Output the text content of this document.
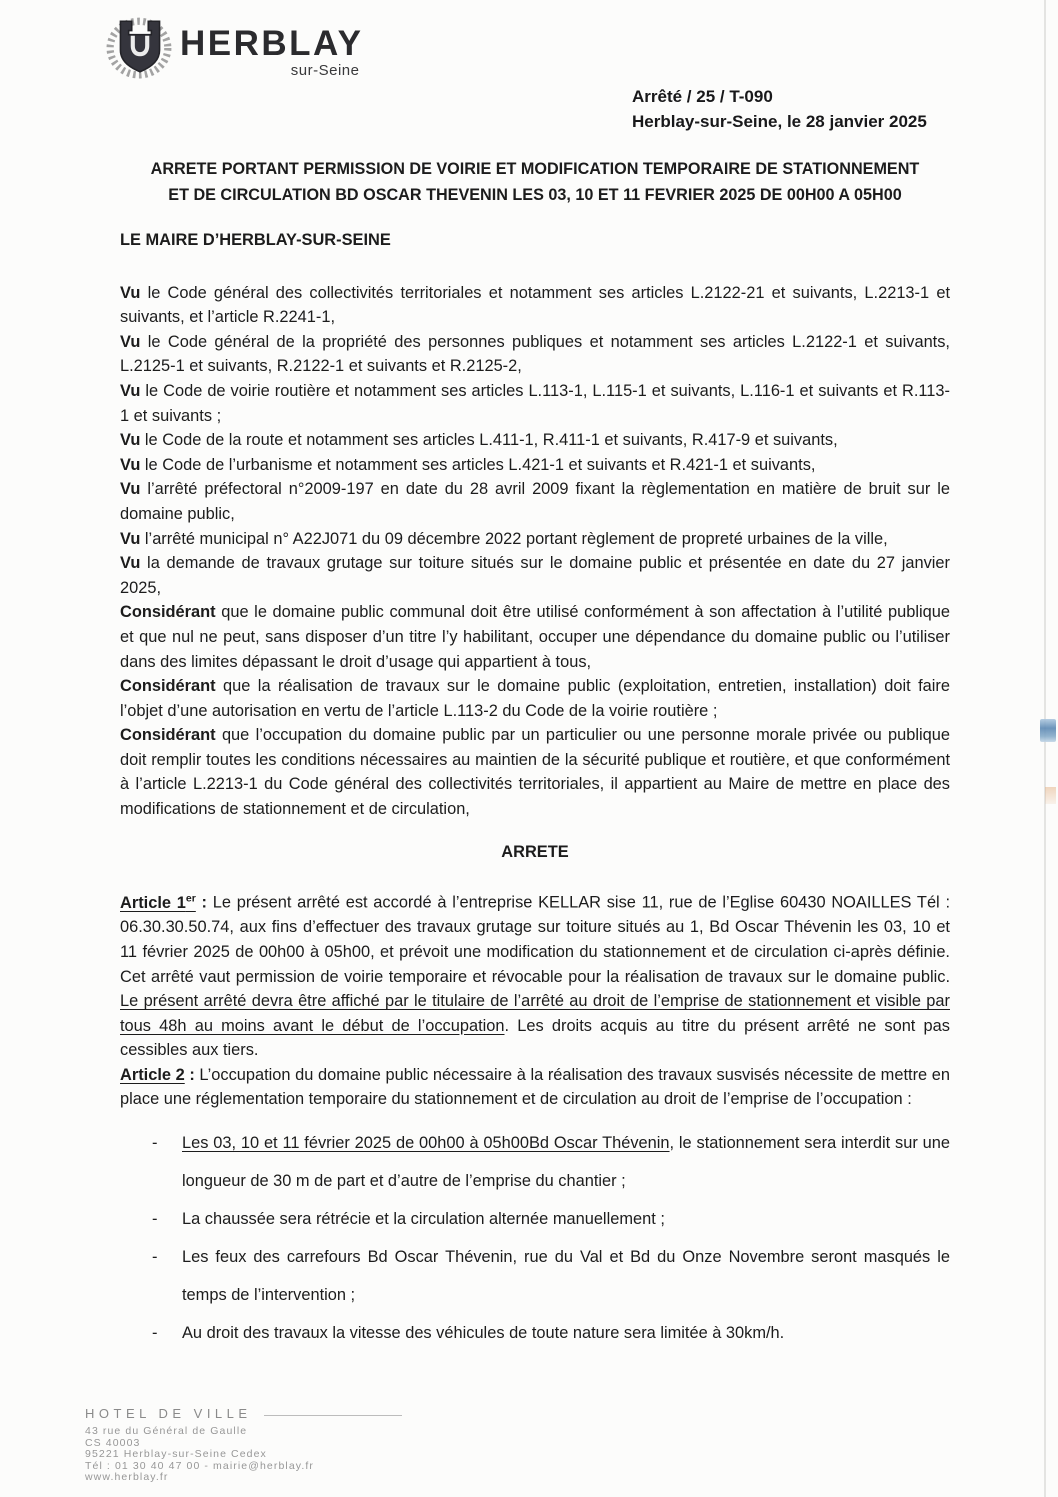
HERBLAY
sur-Seine
Arrêté / 25 / T-090
Herblay-sur-Seine, le 28 janvier 2025
ARRETE PORTANT PERMISSION DE VOIRIE ET MODIFICATION TEMPORAIRE DE STATIONNEMENT
ET DE CIRCULATION BD OSCAR THEVENIN LES 03, 10 ET 11 FEVRIER 2025 DE 00H00 A 05H00
LE MAIRE D’HERBLAY-SUR-SEINE

Vu le Code général des collectivités territoriales et notamment ses articles L.2122-21 et suivants, L.2213-1 et suivants, et l’article R.2241-1,

Vu le Code général de la propriété des personnes publiques et notamment ses articles L.2122-1 et suivants, L.2125-1 et suivants, R.2122-1 et suivants et R.2125-2,

Vu le Code de voirie routière et notamment ses articles L.113-1, L.115-1 et suivants, L.116-1 et suivants et R.113-1 et suivants ;

Vu le Code de la route et notamment ses articles L.411-1, R.411-1 et suivants, R.417-9 et suivants,

Vu le Code de l’urbanisme et notamment ses articles L.421-1 et suivants et R.421-1 et suivants,

Vu l’arrêté préfectoral n°2009-197 en date du 28 avril 2009 fixant la règlementation en matière de bruit sur le domaine public,

Vu l’arrêté municipal n° A22J071 du 09 décembre 2022 portant règlement de propreté urbaines de la ville,

Vu la demande de travaux grutage sur toiture situés sur le domaine public et présentée en date du 27 janvier 2025,

Considérant que le domaine public communal doit être utilisé conformément à son affectation à l’utilité publique et que nul ne peut, sans disposer d’un titre l’y habilitant, occuper une dépendance du domaine public ou l’utiliser dans des limites dépassant le droit d’usage qui appartient à tous,

Considérant que la réalisation de travaux sur le domaine public (exploitation, entretien, installation) doit faire l’objet d’une autorisation en vertu de l’article L.113-2 du Code de la voirie routière ;

Considérant que l’occupation du domaine public par un particulier ou une personne morale privée ou publique doit remplir toutes les conditions nécessaires au maintien de la sécurité publique et routière, et que conformément à l’article L.2213-1 du Code général des collectivités territoriales, il appartient au Maire de mettre en place des modifications de stationnement et de circulation,

ARRETE

Article 1er : Le présent arrêté est accordé à l’entreprise KELLAR sise 11, rue de l’Eglise 60430 NOAILLES Tél : 06.30.30.50.74, aux fins d’effectuer des travaux grutage sur toiture situés au 1, Bd Oscar Thévenin les 03, 10 et 11 février 2025 de 00h00 à 05h00, et prévoit une modification du stationnement et de circulation ci-après définie. Cet arrêté vaut permission de voirie temporaire et révocable pour la réalisation de travaux sur le domaine public. Le présent arrêté devra être affiché par le titulaire de l’arrêté au droit de l’emprise de stationnement et visible par tous 48h au moins avant le début de l’occupation. Les droits acquis au titre du présent arrêté ne sont pas cessibles aux tiers.

Article 2 : L’occupation du domaine public nécessaire à la réalisation des travaux susvisés nécessite de mettre en place une réglementation temporaire du stationnement et de circulation au droit de l’emprise de l’occupation :

-	Les 03, 10 et 11 février 2025 de 00h00 à 05h00Bd Oscar Thévenin, le stationnement sera interdit sur une longueur de 30 m de part et d’autre de l’emprise du chantier ;
-	La chaussée sera rétrécie et la circulation alternée manuellement ;
-	Les feux des carrefours Bd Oscar Thévenin, rue du Val et Bd du Onze Novembre seront masqués le temps de l’intervention ;
-	Au droit des travaux la vitesse des véhicules de toute nature sera limitée à 30km/h.
HOTEL DE VILLE
43 rue du Général de Gaulle
CS 40003
95221 Herblay-sur-Seine Cedex
Tél : 01 30 40 47 00 - mairie@herblay.fr
www.herblay.fr
